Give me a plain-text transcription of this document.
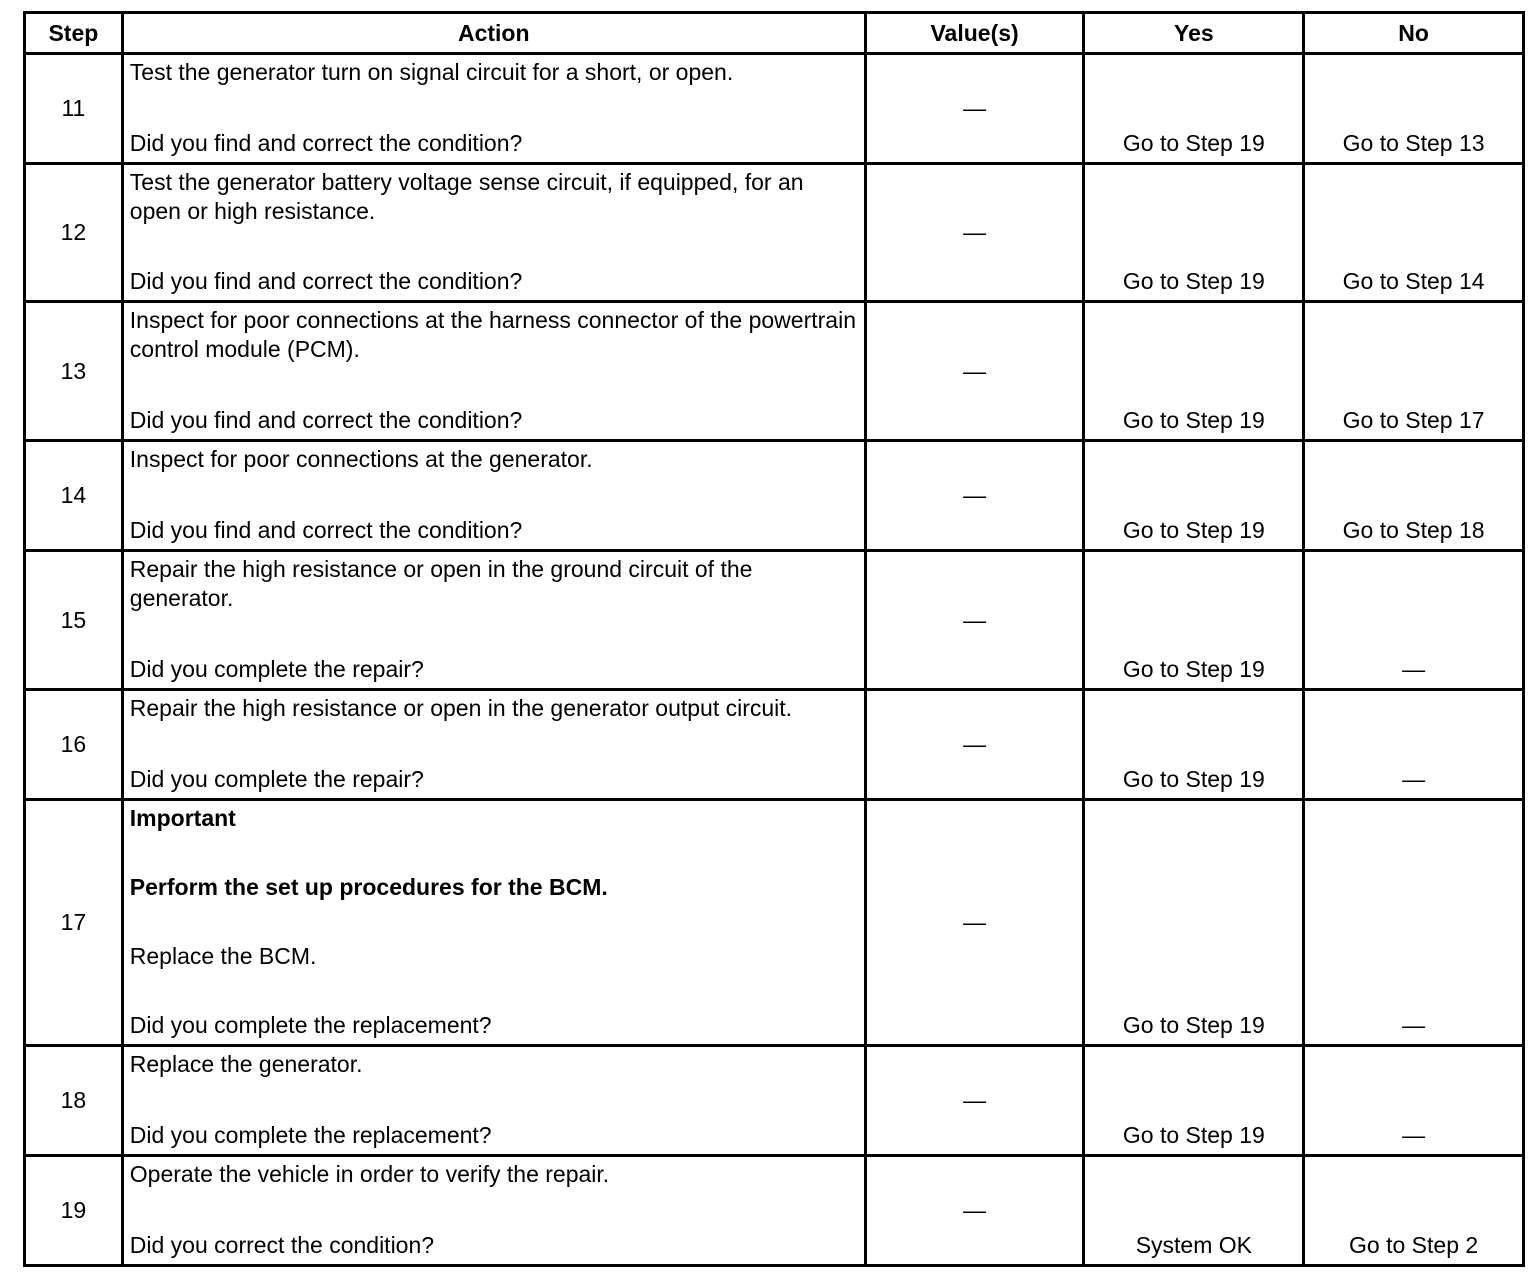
Step	Action	Value(s)	Yes	No
11	Test the generator turn on signal circuit for a short, or open.
Did you find and correct the condition?	—	Go to Step 19	Go to Step 13
12	Test the generator battery voltage sense circuit, if equipped, for an open or high resistance.
Did you find and correct the condition?	—	Go to Step 19	Go to Step 14
13	Inspect for poor connections at the harness connector of the powertrain control module (PCM).
Did you find and correct the condition?	—	Go to Step 19	Go to Step 17
14	Inspect for poor connections at the generator.
Did you find and correct the condition?	—	Go to Step 19	Go to Step 18
15	Repair the high resistance or open in the ground circuit of the generator.
Did you complete the repair?	—	Go to Step 19	—
16	Repair the high resistance or open in the generator output circuit.
Did you complete the repair?	—	Go to Step 19	—
17	Important
Perform the set up procedures for the BCM.
Replace the BCM.
Did you complete the replacement?	—	Go to Step 19	—
18	Replace the generator.
Did you complete the replacement?	—	Go to Step 19	—
19	Operate the vehicle in order to verify the repair.
Did you correct the condition?	—	System OK	Go to Step 2
